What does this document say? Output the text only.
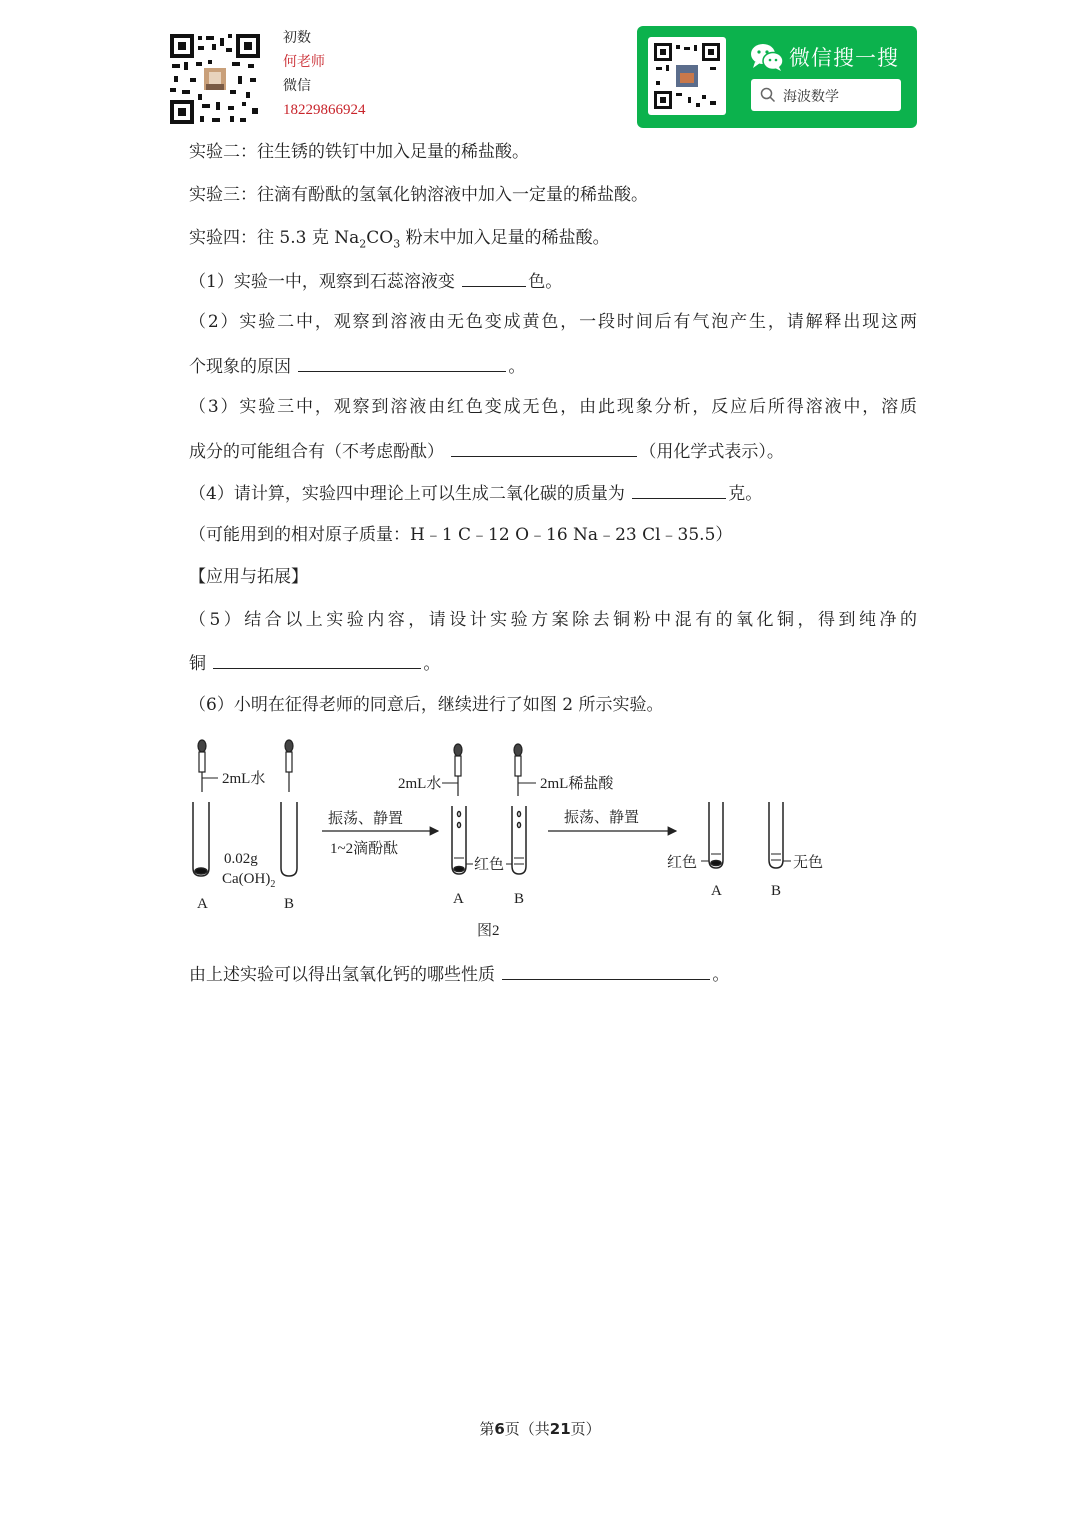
初数
何老师
微信
18229866924
微信搜一搜
海波数学
实验二：往生锈的铁钉中加入足量的稀盐酸。
实验三：往滴有酚酞的氢氧化钠溶液中加入一定量的稀盐酸。
实验四：往 5.3 克 $Na_2CO_3$ 粉末中加入足量的稀盐酸。
（1）实验一中，观察到石蕊溶液变	色。
（2）实验二中，观察到溶液由无色变成黄色，一段时间后有气泡产生，请解释出现这两
个现象的原因	。
（3）实验三中，观察到溶液由红色变成无色，由此现象分析，反应后所得溶液中，溶质
成分的可能组合有（不考虑酚酞）	（用化学式表示）。
（4）请计算，实验四中理论上可以生成二氧化碳的质量为	克。
（可能用到的相对原子质量：H﹣1 C﹣12 O﹣16 Na﹣23 Cl﹣35.5）
【应用与拓展】
（5）结合以上实验内容，请设计实验方案除去铜粉中混有的氧化铜，得到纯净的
铜	。
（6）小明在征得老师的同意后，继续进行了如图 2 所示实验。
2mL水
0.02g
$Ca(OH)_2$
A	B
振荡、静置
1~2滴酚酞
2mL水	2mL稀盐酸
红色
A	B
振荡、静置
红色	无色
A	B
图2
由上述实验可以得出氢氧化钙的哪些性质	。
第6页（共21页）
